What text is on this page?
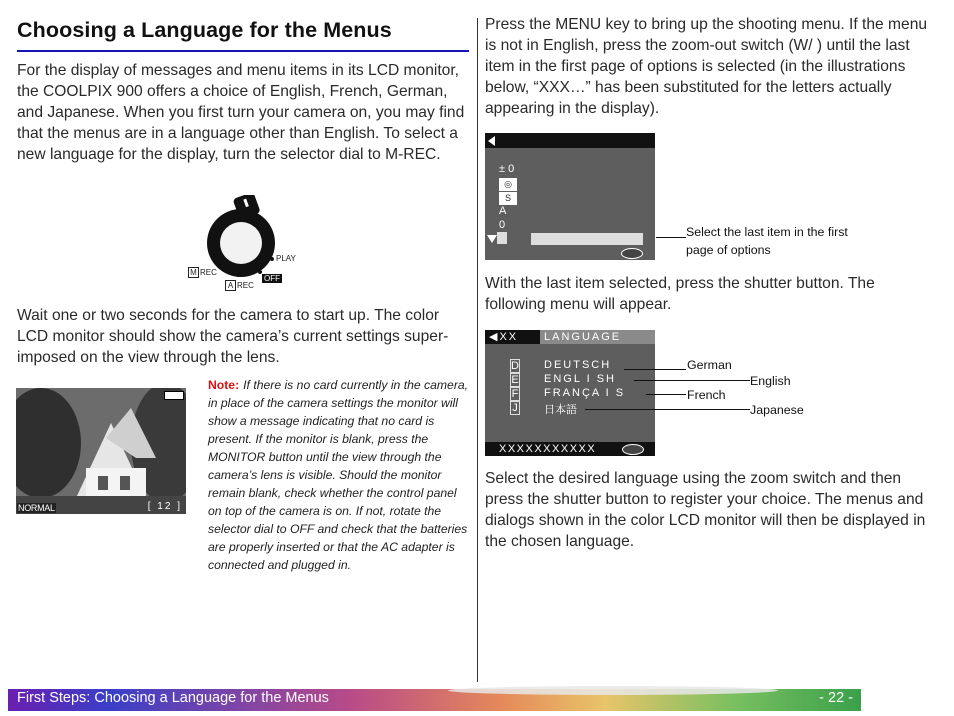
Choosing a Language for the Menus
For the display of messages and menu items in its LCD monitor, the COOLPIX 900 offers a choice of English, French, German, and Japanese. When you first turn your camera on, you may find that the menus are in a language other than English. To select a new language for the display, turn the selector dial to M-REC.
PLAY
OFF
M REC
A REC
Wait one or two seconds for the camera to start up. The color LCD monitor should show the camera’s current settings super-imposed on the view through the lens.
NORMAL	[ 12 ]
Note: If there is no card currently in the camera, in place of the camera settings the monitor will show a message indicating that no card is present. If the monitor is blank, press the MONITOR button until the view through the camera’s lens is visible. Should the monitor remain blank, check whether the control panel on top of the camera is on. If not, rotate the selector dial to OFF and check that the batteries are properly inserted or that the AC adapter is connected and plugged in.
Press the MENU key to bring up the shooting menu. If the menu is not in English, press the zoom-out switch (W/ ) until the last item in the first page of options is selected (in the illustrations below, “XXX…” has been substituted for the letters actually appearing in the display).
± 0
◎
S
A
0	Select the last item in the first page of options
With the last item selected, press the shutter button. The following menu will appear.
◀XX	LANGUAGE
D
E
F
J
DEUTSCH
ENGL I SH
FRANÇA I S
日本語
XXXXXXXXXXX
German
English
French
Japanese
Select the desired language using the zoom switch and then press the shutter button to register your choice. The menus and dialogs shown in the color LCD monitor will then be displayed in the chosen language.
First Steps: Choosing a Language for the Menus	- 22 -
